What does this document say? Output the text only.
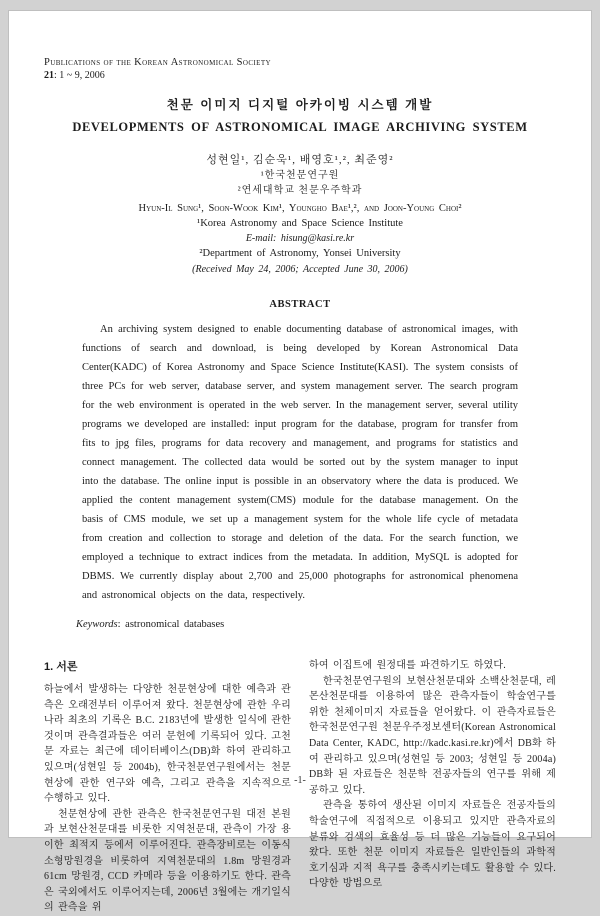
Publications of the Korean Astronomical Society
21: 1 ~ 9, 2006
천문 이미지 디지털 아카이빙 시스템 개발
DEVELOPMENTS OF ASTRONOMICAL IMAGE ARCHIVING SYSTEM
성현일¹, 김순욱¹, 배영호¹,², 최준영²
¹한국천문연구원
²연세대학교 천문우주학과
Hyun-Il Sung¹, Soon-Wook Kim¹, Youngho Bae¹,², and Joon-Young Choi²
¹Korea Astronomy and Space Science Institute
E-mail: hisung@kasi.re.kr
²Department of Astronomy, Yonsei University
(Received May 24, 2006; Accepted June 30, 2006)
ABSTRACT
An archiving system designed to enable documenting database of astronomical images, with functions of search and download, is being developed by Korean Astronomical Data Center(KADC) of Korea Astronomy and Space Science Institute(KASI). The system consists of three PCs for web server, database server, and system management server. The search program for the web environment is operated in the web server. In the management server, several utility programs we developed are installed: input program for the database, program for transfer from fits to jpg files, programs for data recovery and management, and programs for statistics and connect management. The collected data would be sorted out by the system manager to input into the database. The online input is possible in an observatory where the data is produced. We applied the content management system(CMS) module for the database management. On the basis of CMS module, we set up a management system for the whole life cycle of metadata from creation and collection to storage and deletion of the data. For the search function, we employed a technique to extract indices from the metadata. In addition, MySQL is adopted for DBMS. We currently display about 2,700 and 25,000 photographs for astronomical phenomena and astronomical objects on the data, respectively.
Keywords: astronomical databases
1. 서론

하늘에서 발생하는 다양한 천문현상에 대한 예측과 관측은 오래전부터 이루어져 왔다. 천문현상에 관한 우리나라 최초의 기록은 B.C. 2183년에 발생한 일식에 관한 것이며 관측결과들은 여러 문헌에 기록되어 있다. 고천문 자료는 최근에 데이터베이스(DB)화 하여 관리하고 있으며(성현일 등 2004b), 한국천문연구원에서는 천문현상에 관한 연구와 예측, 그리고 관측을 지속적으로 수행하고 있다.

천문현상에 관한 관측은 한국천문연구원 대전 본원과 보현산천문대를 비롯한 지역천문대, 관측이 가장 용이한 최적지 등에서 이루어진다. 관측장비로는 이동식 소형망원경을 비롯하여 지역천문대의 1.8m 망원경과 61cm 망원경, CCD 카메라 등을 이용하기도 한다. 관측은 국외에서도 이루어지는데, 2006년 3월에는 개기일식의 관측을 위

하여 이집트에 원정대를 파견하기도 하였다.

한국천문연구원의 보현산천문대와 소백산천문대, 레몬산천문대를 이용하여 많은 관측자들이 학술연구를 위한 천체이미지 자료들을 얻어왔다. 이 관측자료들은 한국천문연구원 천문우주정보센터(Korean Astronomical Data Center, KADC, http://kadc.kasi.re.kr)에서 DB화 하여 관리하고 있으며(성현일 등 2003; 성현일 등 2004a) DB화 된 자료들은 천문학 전공자들의 연구를 위해 제공하고 있다.

관측을 통하여 생산된 이미지 자료들은 전공자들의 학술연구에 직접적으로 이용되고 있지만 관측자료의 분류와 검색의 효율성 등 더 많은 기능들이 요구되어 왔다. 또한 천문 이미지 자료들은 일반인들의 과학적 호기심과 지적 욕구를 충족시키는데도 활용할 수 있다. 다양한 방법으로

-1-
